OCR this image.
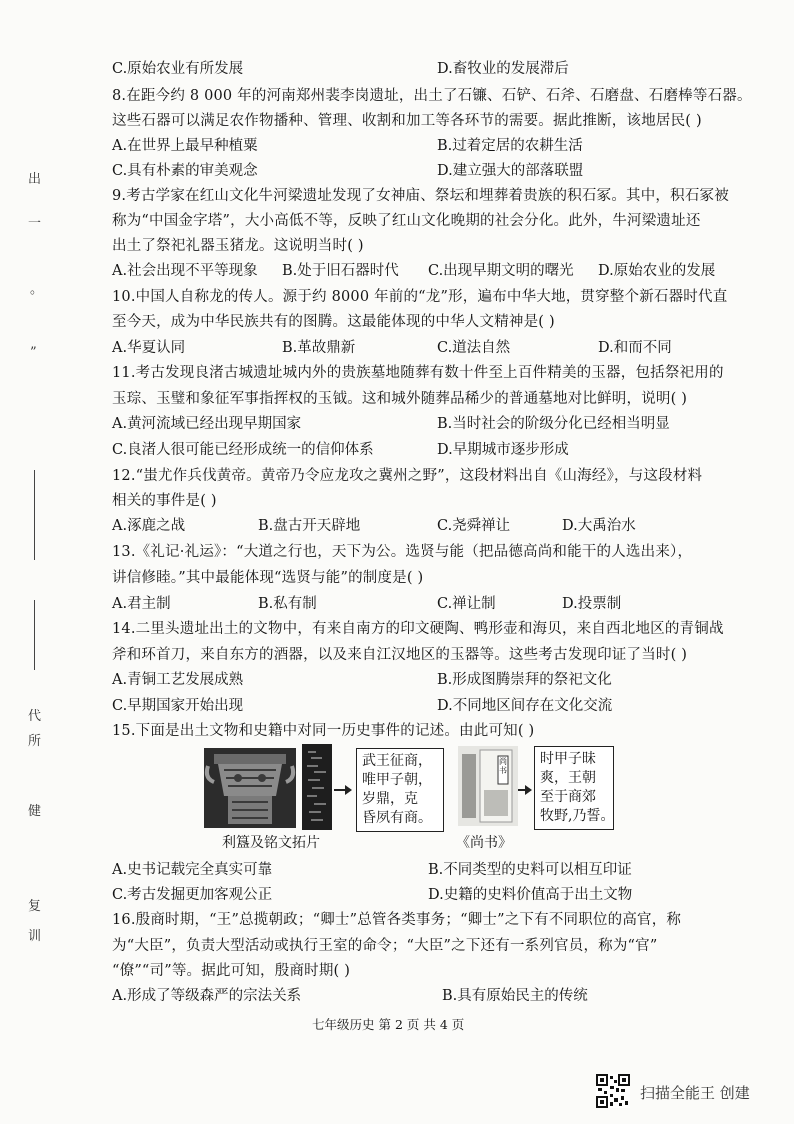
出
一
。
”
代
所
健
复
训
C.原始农业有所发展	D.畜牧业的发展滞后
8.在距今约 8 000 年的河南郑州裴李岗遗址，出土了石镰、石铲、石斧、石磨盘、石磨棒等石器。
这些石器可以满足农作物播种、管理、收割和加工等各环节的需要。据此推断，该地居民( )
A.在世界上最早种植粟	B.过着定居的农耕生活
C.具有朴素的审美观念	D.建立强大的部落联盟
9.考古学家在红山文化牛河梁遗址发现了女神庙、祭坛和埋葬着贵族的积石冢。其中，积石冢被
称为“中国金字塔”，大小高低不等，反映了红山文化晚期的社会分化。此外，牛河梁遗址还
出土了祭祀礼器玉猪龙。这说明当时( )
A.社会出现不平等现象 B.处于旧石器时代 C.出现早期文明的曙光 D.原始农业的发展
10.中国人自称龙的传人。源于约 8000 年前的“龙”形，遍布中华大地，贯穿整个新石器时代直
至今天，成为中华民族共有的图腾。这最能体现的中华人文精神是( )
A.华夏认同	B.革故鼎新	C.道法自然	D.和而不同
11.考古发现良渚古城遗址城内外的贵族墓地随葬有数十件至上百件精美的玉器，包括祭祀用的
玉琮、玉璧和象征军事指挥权的玉钺。这和城外随葬品稀少的普通墓地对比鲜明，说明( )
A.黄河流域已经出现早期国家	B.当时社会的阶级分化已经相当明显
C.良渚人很可能已经形成统一的信仰体系	D.早期城市逐步形成
12.“蚩尤作兵伐黄帝。黄帝乃令应龙攻之冀州之野”，这段材料出自《山海经》，与这段材料
相关的事件是( )
A.涿鹿之战	B.盘古开天辟地	C.尧舜禅让	D.大禹治水
13.《礼记·礼运》：“大道之行也，天下为公。选贤与能（把品德高尚和能干的人选出来），
讲信修睦。”其中最能体现“选贤与能”的制度是( )
A.君主制	B.私有制	C.禅让制	D.投票制
14.二里头遗址出土的文物中，有来自南方的印文硬陶、鸭形壶和海贝，来自西北地区的青铜战
斧和环首刀，来自东方的酒器，以及来自江汉地区的玉器等。这些考古发现印证了当时( )
A.青铜工艺发展成熟	B.形成图腾崇拜的祭祀文化
C.早期国家开始出现	D.不同地区间存在文化交流
15.下面是出土文物和史籍中对同一历史事件的记述。由此可知( )
武王征商，
唯甲子朝，
岁鼎，克
昏夙有商。
利簋及铭文拓片
尚书
时甲子昧
爽，王朝
至于商郊
牧野,乃誓。
《尚书》
A.史书记载完全真实可靠	B.不同类型的史料可以相互印证
C.考古发掘更加客观公正	D.史籍的史料价值高于出土文物
16.殷商时期，“王”总揽朝政；“卿士”总管各类事务；“卿士”之下有不同职位的高官，称
为“大臣”，负责大型活动或执行王室的命令；“大臣”之下还有一系列官员，称为“官”
“僚”“司”等。据此可知，殷商时期( )
A.形成了等级森严的宗法关系	B.具有原始民主的传统
七年级历史 第 2 页 共 4 页
扫描全能王 创建
